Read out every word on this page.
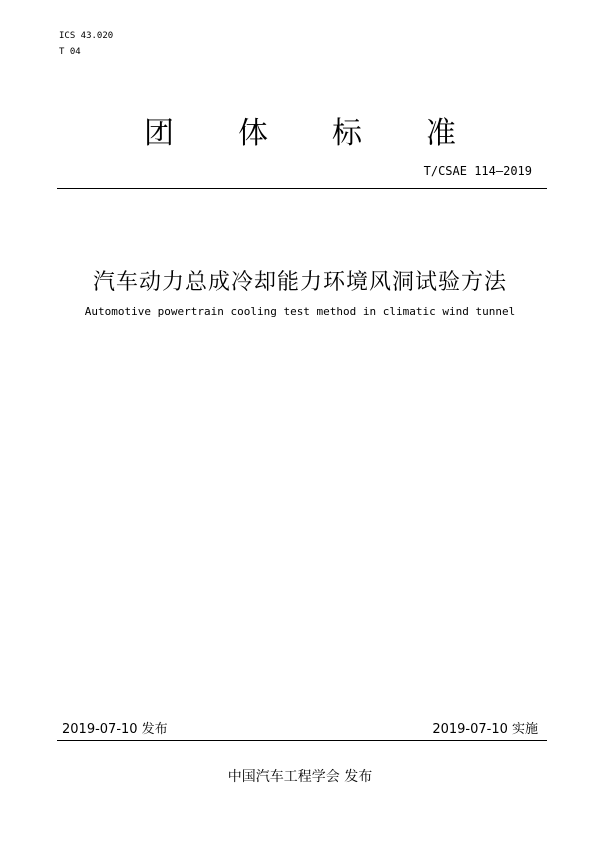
ICS 43.020
T 04
团体标准
T/CSAE 114—2019
汽车动力总成冷却能力环境风洞试验方法
Automotive powertrain cooling test method in climatic wind tunnel
2019-07-10 发布	2019-07-10 实施
中国汽车工程学会 发布
